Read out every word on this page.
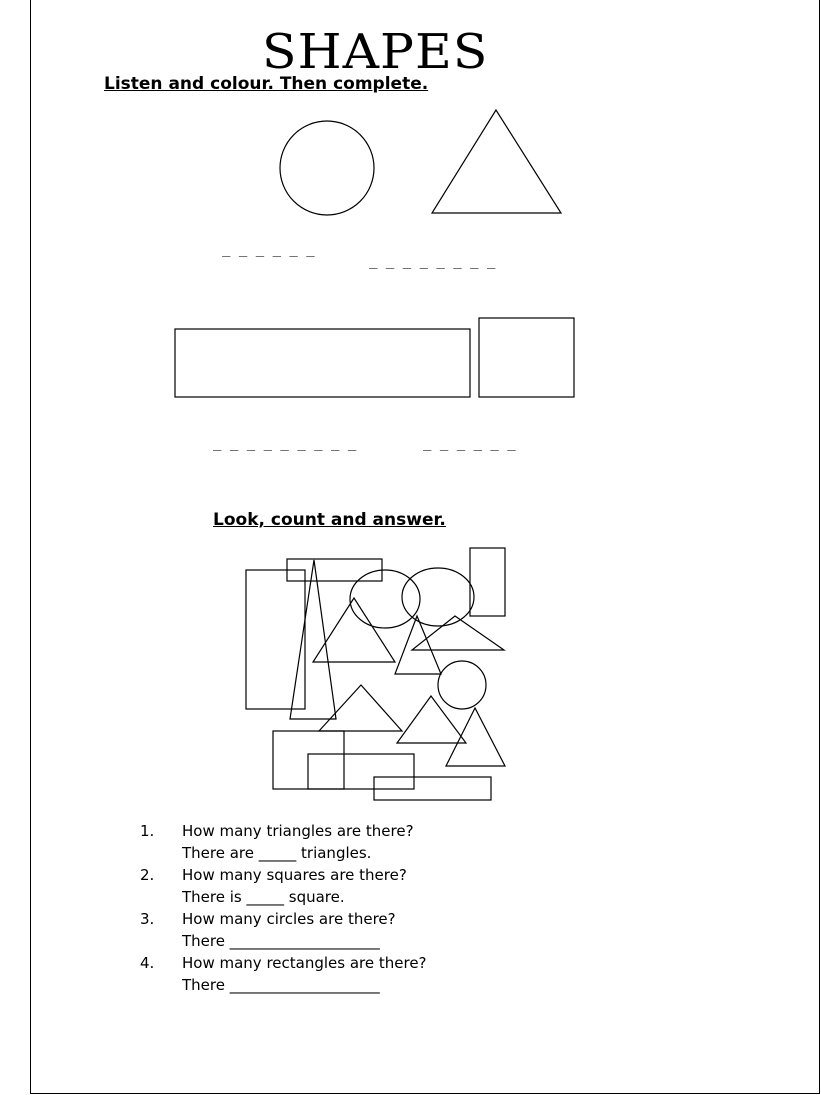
SHAPES
Listen and colour. Then complete.
_ _ _ _ _ _
_ _ _ _ _ _ _ _
_ _ _ _ _ _ _ _ _	_ _ _ _ _ _
Look, count and answer.
1.	How many triangles are there?
There are _____ triangles.
2.	How many squares are there?
There is _____ square.
3.	How many circles are there?
There ____________________
4.	How many rectangles are there?
There ____________________
